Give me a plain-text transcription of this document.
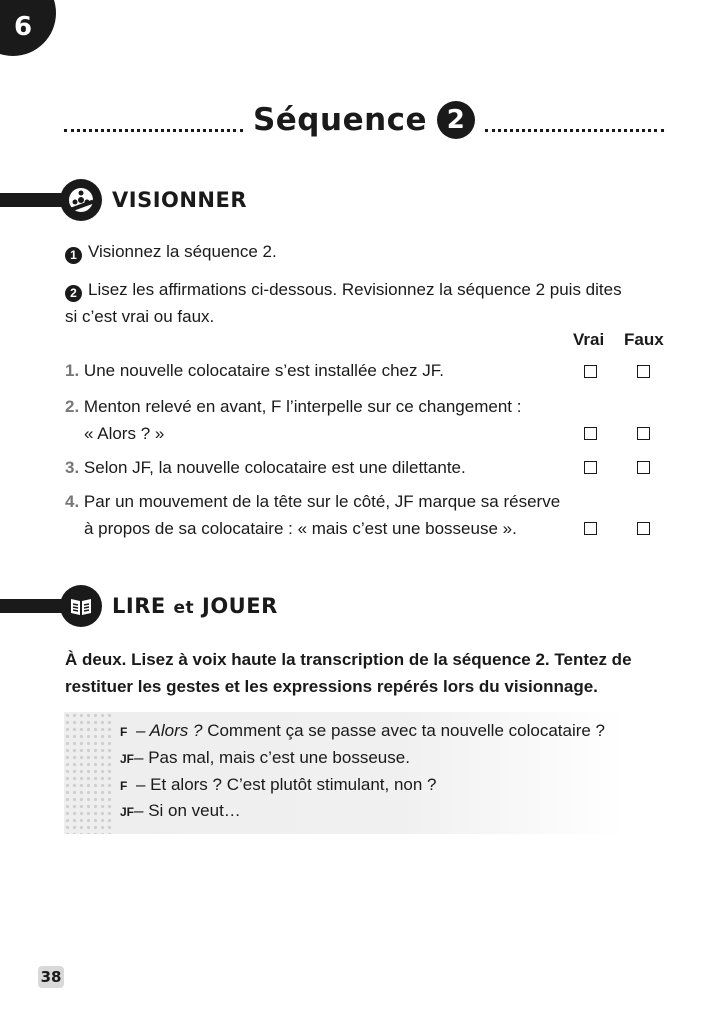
6
Séquence 2
VISIONNER
1 Visionnez la séquence 2.
2 Lisez les affirmations ci-dessous. Revisionnez la séquence 2 puis dites
si c’est vrai ou faux.
Vrai Faux
1. Une nouvelle colocataire s’est installée chez JF.
2. Menton relevé en avant, F l’interpelle sur ce changement :
« Alors ? »
3. Selon JF, la nouvelle colocataire est une dilettante.
4. Par un mouvement de la tête sur le côté, JF marque sa réserve
à propos de sa colocataire : « mais c’est une bosseuse ».
LIRE et JOUER
À deux. Lisez à voix haute la transcription de la séquence 2. Tentez de
restituer les gestes et les expressions repérés lors du visionnage.
F – Alors ? Comment ça se passe avec ta nouvelle colocataire ?
JF– Pas mal, mais c’est une bosseuse.
F – Et alors ? C’est plutôt stimulant, non ?
JF– Si on veut…
38
